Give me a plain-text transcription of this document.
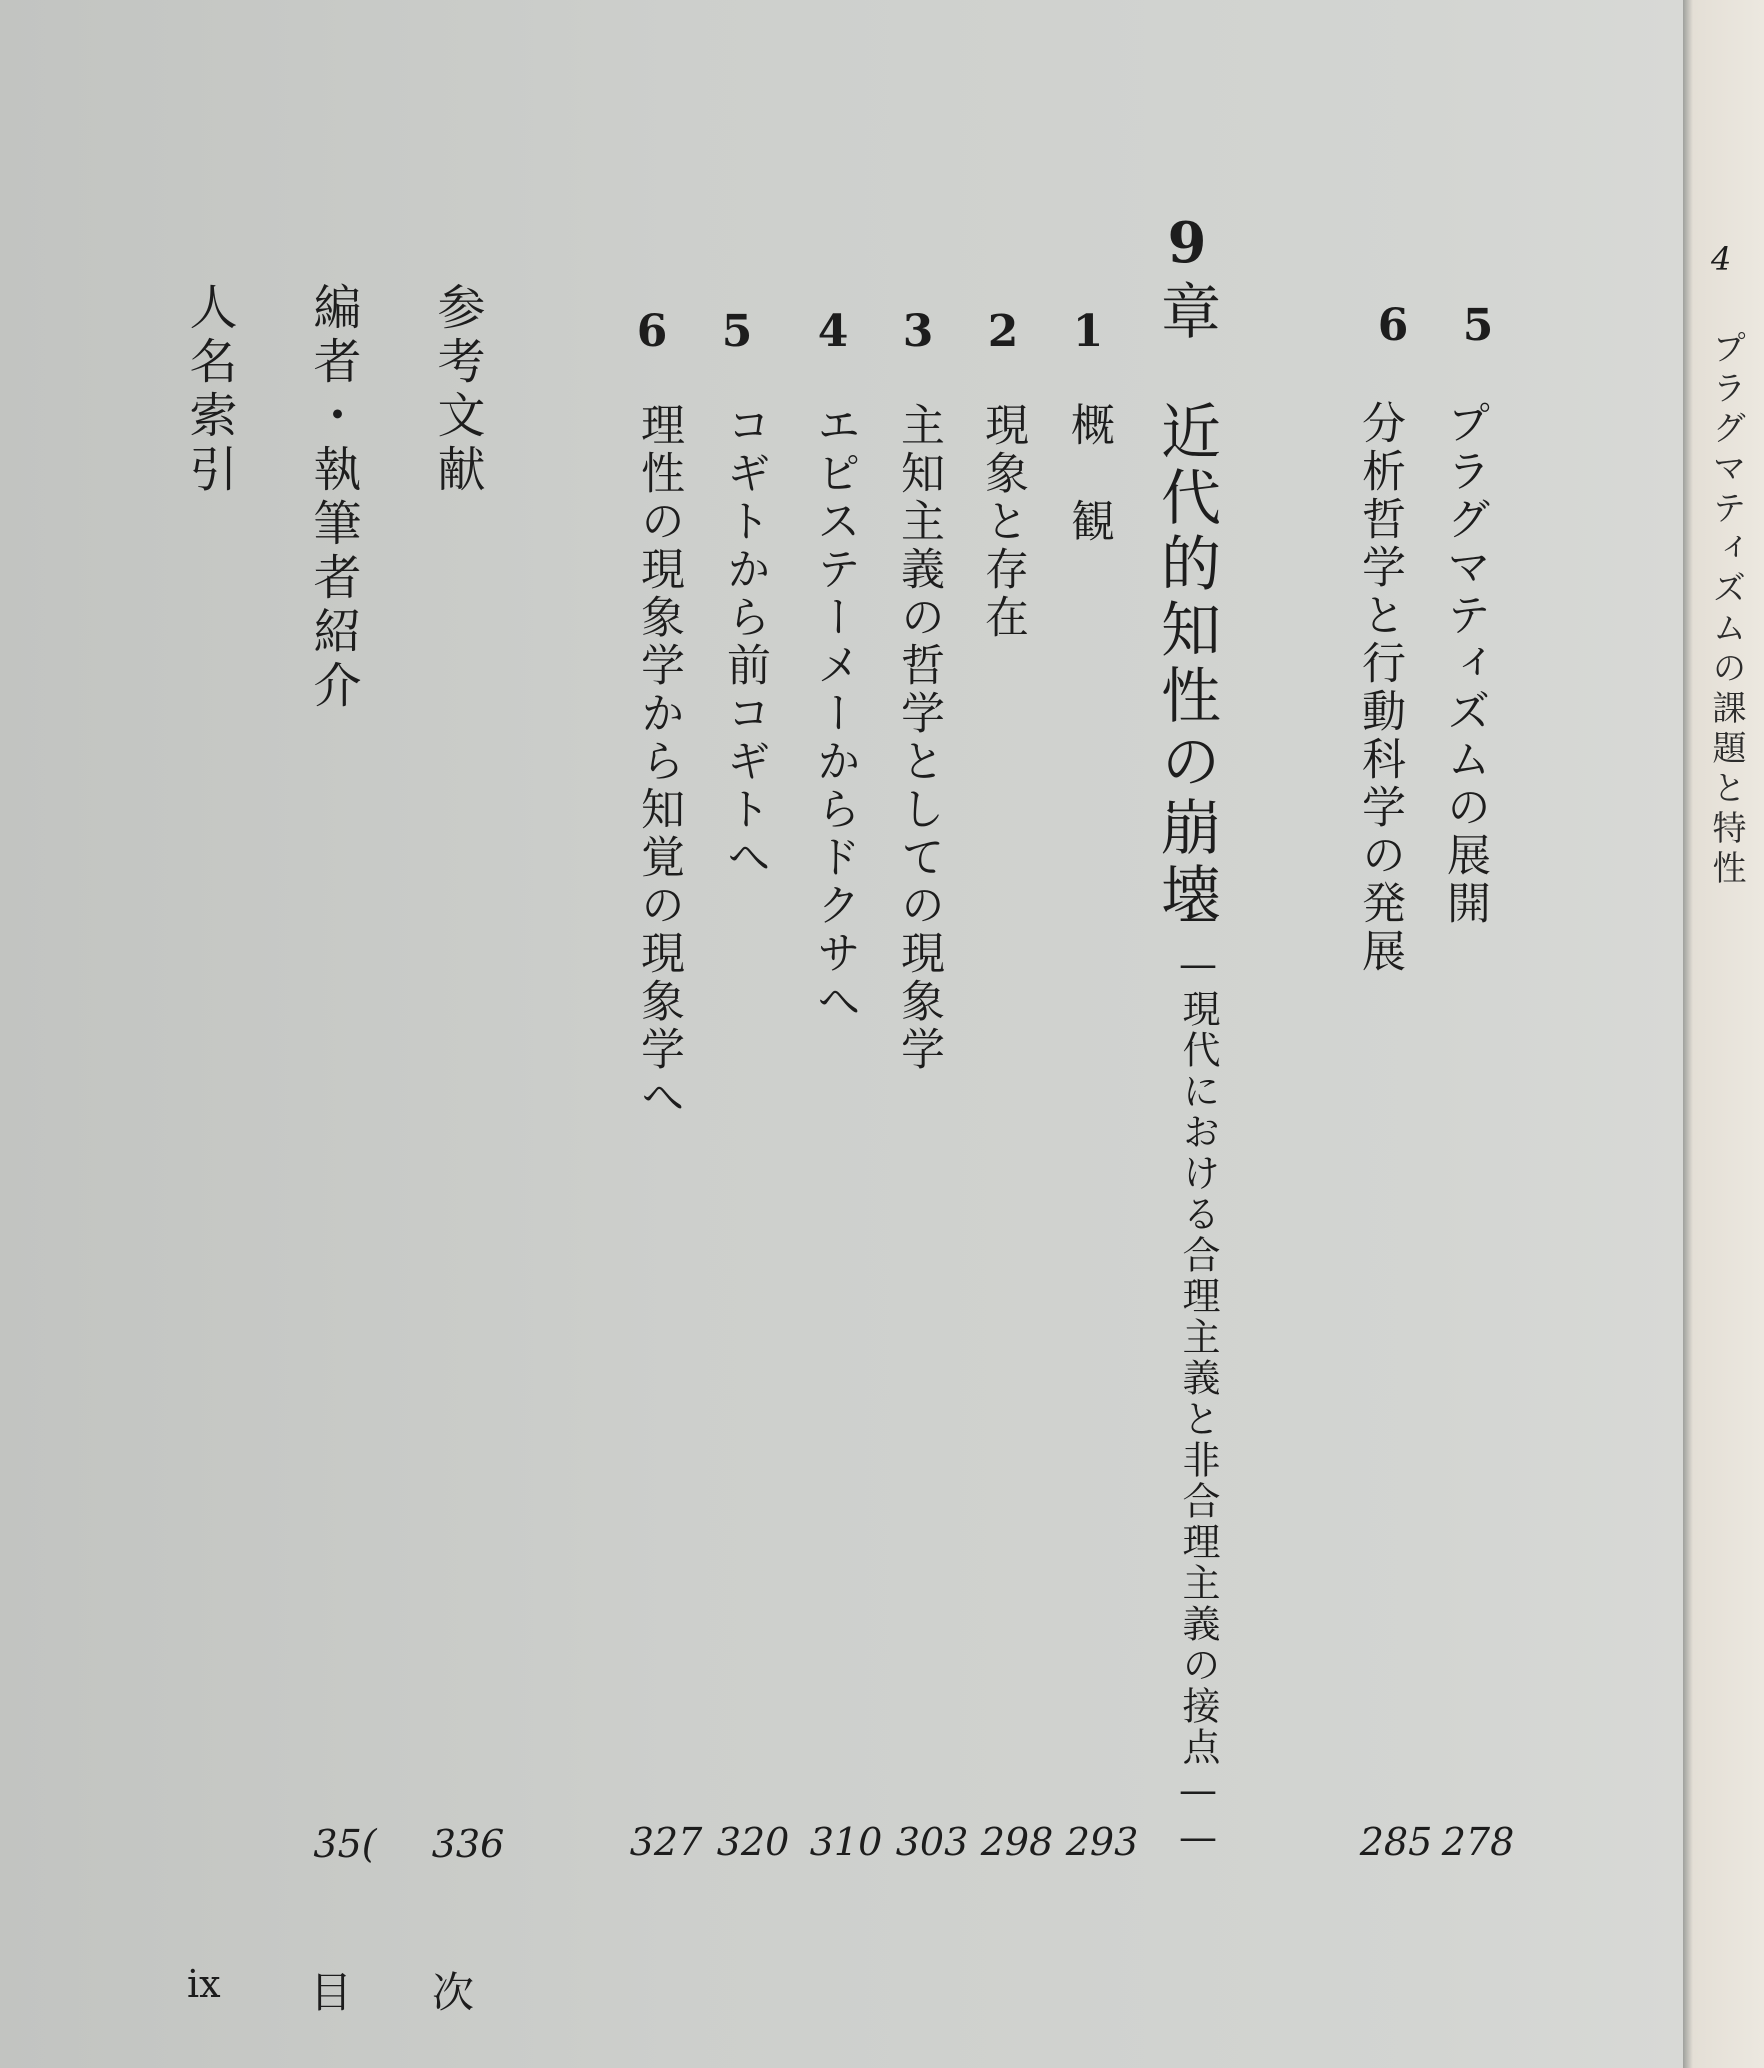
5
プラグマティズムの展開
278
6
分析哲学と行動科学の発展
285
9
章
近代的知性の崩壊
——現代における合理主義と非合理主義の接点——
1
概　観
293
2
現象と存在
298
3
主知主義の哲学としての現象学
303
4
エピステーメーからドクサへ
310
5
コギトから前コギトへ
320
6
理性の現象学から知覚の現象学へ
327
参考文献
336
編者・執筆者紹介
35(
人名索引
ix 目 次
4
プラグマティズムの課題と特性
